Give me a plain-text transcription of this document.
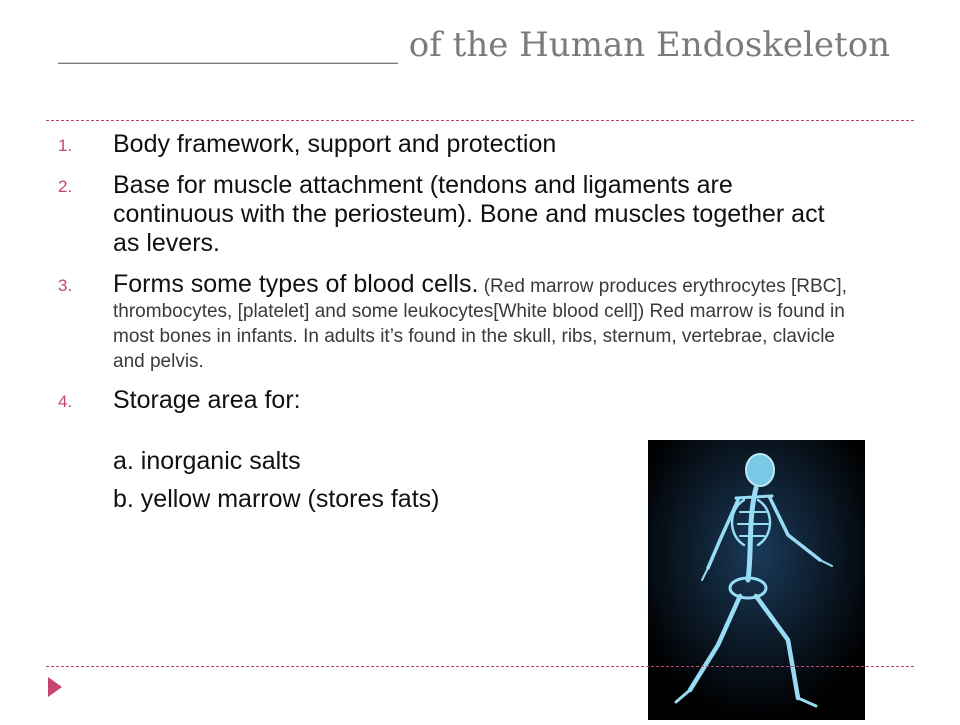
____________________ of the Human Endoskeleton
1. Body framework, support and protection
2. Base for muscle attachment (tendons and ligaments are continuous with the periosteum). Bone and muscles together act as levers.
3. Forms some types of blood cells. (Red marrow produces erythrocytes [RBC], thrombocytes, [platelet] and some leukocytes[White blood cell]) Red marrow is found in most bones in infants. In adults it’s found in the skull, ribs, sternum, vertebrae, clavicle and pelvis.
4. Storage area for:
a. inorganic salts
b. yellow marrow (stores fats)
